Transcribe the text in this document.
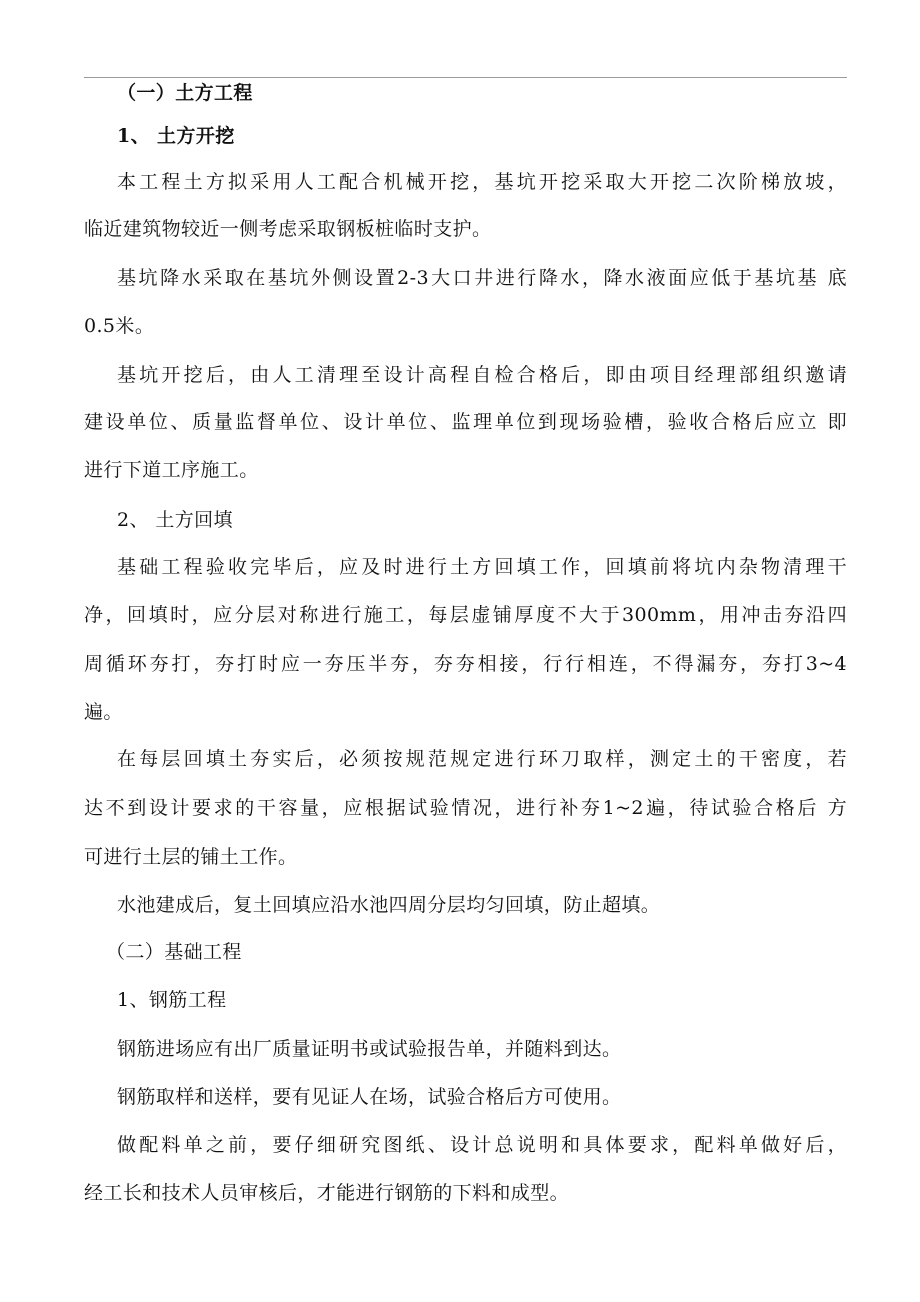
（一）土方工程
1、 土方开挖
本工程土方拟采用人工配合机械开挖，基坑开挖采取大开挖二次阶梯放坡，
临近建筑物较近一侧考虑采取钢板桩临时支护。
基坑降水采取在基坑外侧设置2-3大口井进行降水，降水液面应低于基坑基 底
0.5米。
基坑开挖后，由人工清理至设计高程自检合格后，即由项目经理部组织邀请
建设单位、质量监督单位、设计单位、监理单位到现场验槽，验收合格后应立 即
进行下道工序施工。
2、 土方回填
基础工程验收完毕后，应及时进行土方回填工作，回填前将坑内杂物清理干
净，回填时，应分层对称进行施工，每层虚铺厚度不大于300mm，用冲击夯沿四
周循环夯打，夯打时应一夯压半夯，夯夯相接，行行相连，不得漏夯，夯打3~4
遍。
在每层回填土夯实后，必须按规范规定进行环刀取样，测定土的干密度，若
达不到设计要求的干容量，应根据试验情况，进行补夯1~2遍，待试验合格后 方
可进行土层的铺土工作。
水池建成后，复土回填应沿水池四周分层均匀回填，防止超填。
（二）基础工程
1、钢筋工程
钢筋进场应有出厂质量证明书或试验报告单，并随料到达。
钢筋取样和送样，要有见证人在场，试验合格后方可使用。
做配料单之前，要仔细研究图纸、设计总说明和具体要求，配料单做好后，
经工长和技术人员审核后，才能进行钢筋的下料和成型。
